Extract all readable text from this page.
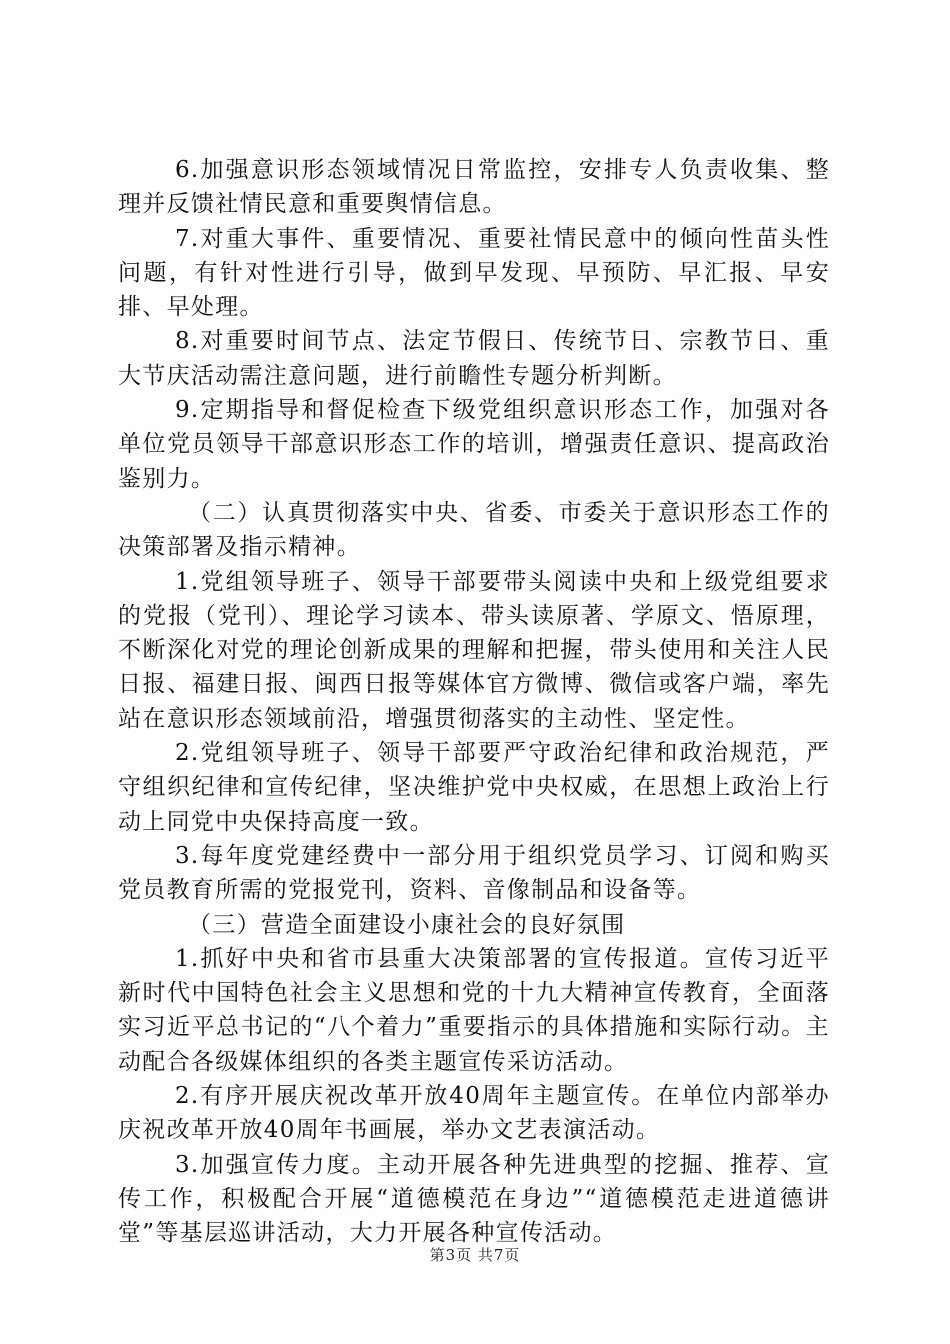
6.加强意识形态领域情况日常监控，安排专人负责收集、整理并反馈社情民意和重要舆情信息。

7.对重大事件、重要情况、重要社情民意中的倾向性苗头性问题，有针对性进行引导，做到早发现、早预防、早汇报、早安排、早处理。

8.对重要时间节点、法定节假日、传统节日、宗教节日、重大节庆活动需注意问题，进行前瞻性专题分析判断。

9.定期指导和督促检查下级党组织意识形态工作，加强对各单位党员领导干部意识形态工作的培训，增强责任意识、提高政治鉴别力。

（二）认真贯彻落实中央、省委、市委关于意识形态工作的决策部署及指示精神。

1.党组领导班子、领导干部要带头阅读中央和上级党组要求的党报（党刊）、理论学习读本、带头读原著、学原文、悟原理，不断深化对党的理论创新成果的理解和把握，带头使用和关注人民日报、福建日报、闽西日报等媒体官方微博、微信或客户端，率先站在意识形态领域前沿，增强贯彻落实的主动性、坚定性。

2.党组领导班子、领导干部要严守政治纪律和政治规范，严守组织纪律和宣传纪律，坚决维护党中央权威，在思想上政治上行动上同党中央保持高度一致。

3.每年度党建经费中一部分用于组织党员学习、订阅和购买党员教育所需的党报党刊，资料、音像制品和设备等。

（三）营造全面建设小康社会的良好氛围

1.抓好中央和省市县重大决策部署的宣传报道。宣传习近平新时代中国特色社会主义思想和党的十九大精神宣传教育，全面落实习近平总书记的“八个着力”重要指示的具体措施和实际行动。主动配合各级媒体组织的各类主题宣传采访活动。

2.有序开展庆祝改革开放40周年主题宣传。在单位内部举办庆祝改革开放40周年书画展，举办文艺表演活动。

3.加强宣传力度。主动开展各种先进典型的挖掘、推荐、宣传工作，积极配合开展“道德模范在身边”“道德模范走进道德讲堂”等基层巡讲活动，大力开展各种宣传活动。

第3页 共7页
